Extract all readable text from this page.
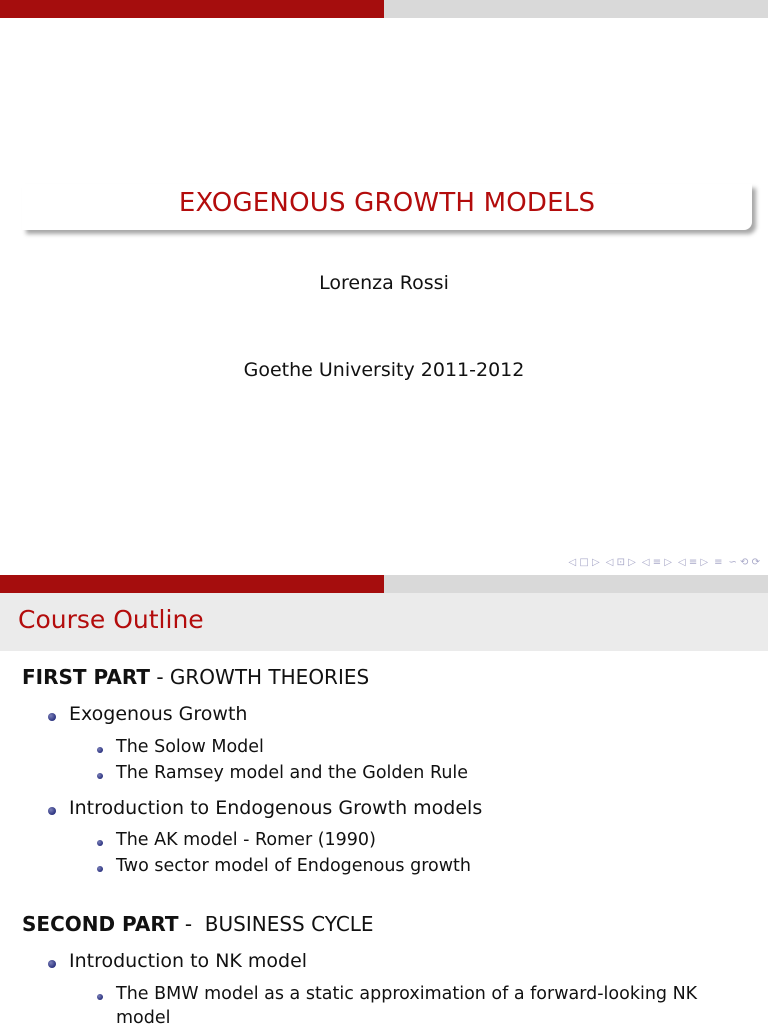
EXOGENOUS GROWTH MODELS
Lorenza Rossi
Goethe University 2011-2012
◁ □ ▷ ◁ ⊡ ▷ ◁ ≡ ▷ ◁ ≡ ▷ ≡ ∽ ⟲ ⟳
Course Outline
FIRST PART - GROWTH THEORIES
Exogenous Growth
The Solow Model
The Ramsey model and the Golden Rule
Introduction to Endogenous Growth models
The AK model - Romer (1990)
Two sector model of Endogenous growth
SECOND PART -  BUSINESS CYCLE
Introduction to NK model
The BMW model as a static approximation of a forward-looking NK
model
